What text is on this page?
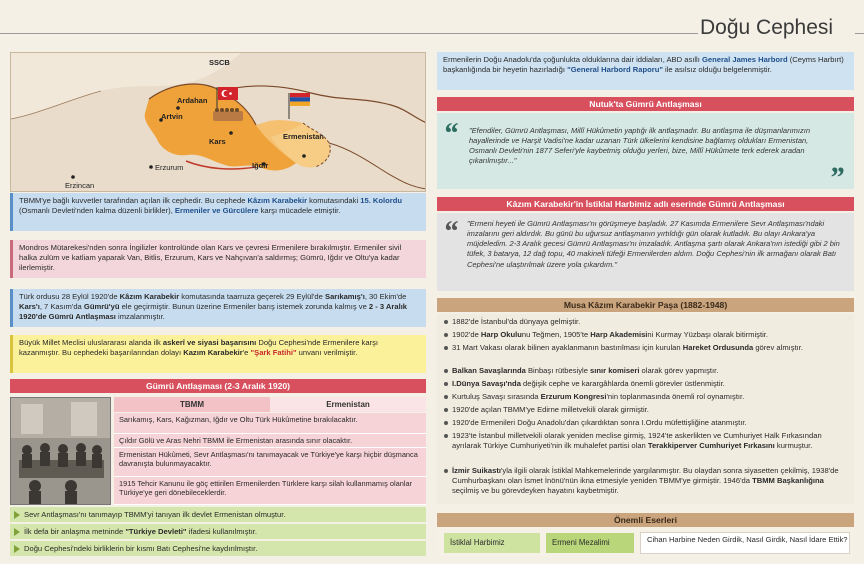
Doğu Cephesi
SSCB
Ardahan
Artvin
Kars
Ermenistan
Iğdır
Erzurum
Erzincan
TBMM'ye bağlı kuvvetler tarafından açılan ilk cephedir. Bu cephede Kâzım Karabekir komutasındaki 15. Kolordu (Osmanlı Devleti'nden kalma düzenli birlikler), Ermeniler ve Gürcülere karşı mücadele etmiştir.
Mondros Mütarekesi'nden sonra İngilizler kontrolünde olan Kars ve çevresi Ermenilere bırakılmıştır. Ermeniler sivil halka zulüm ve katliam yaparak Van, Bitlis, Erzurum, Kars ve Nahçıvan'a saldırmış; Gümrü, Iğdır ve Oltu'ya kadar ilerlemiştir.
Türk ordusu 28 Eylül 1920'de Kâzım Karabekir komutasında taarruza geçerek 29 Eylül'de Sarıkamış'ı, 30 Ekim'de Kars'ı, 7 Kasım'da Gümrü'yü ele geçirmiştir. Bunun üzerine Ermeniler barış istemek zorunda kalmış ve 2 - 3 Aralık 1920'de Gümrü Antlaşması imzalanmıştır.
Büyük Millet Meclisi uluslararası alanda ilk askerî ve siyasi başarısını Doğu Cephesi'nde Ermenilere karşı kazanmıştır. Bu cephedeki başarılarından dolayı Kazım Karabekir'e "Şark Fatihi" unvanı verilmiştir.
Gümrü Antlaşması (2-3 Aralık 1920)
TBMM	Ermenistan
Sarıkamış, Kars, Kağızman, Iğdır ve Oltu Türk Hükûmetine bırakılacaktır.
Çıldır Gölü ve Aras Nehri TBMM ile Ermenistan arasında sınır olacaktır.
Ermenistan Hükûmeti, Sevr Antlaşması'nı tanımayacak ve Türkiye'ye karşı hiçbir düşmanca davranışta bulunmayacaktır.
1915 Tehcir Kanunu ile göç ettirilen Ermenilerden Türklere karşı silah kullanmamış olanlar Türkiye'ye geri dönebileceklerdir.
Sevr Antlaşması'nı tanımayıp TBMM'yi tanıyan ilk devlet Ermenistan olmuştur.
İlk defa bir anlaşma metninde "Türkiye Devleti" ifadesi kullanılmıştır.
Doğu Cephesi'ndeki birliklerin bir kısmı Batı Cephesi'ne kaydırılmıştır.
Ermenilerin Doğu Anadolu'da çoğunlukta olduklarına dair iddiaları, ABD asıllı General James Harbord (Ceyms Harbırt) başkanlığında bir heyetin hazırladığı "General Harbord Raporu" ile asılsız olduğu belgelenmiştir.
Nutuk'ta Gümrü Antlaşması
“ "Efendiler, Gümrü Antlaşması, Millî Hükûmetin yaptığı ilk antlaşmadır. Bu antlaşma ile düşmanlarımızın hayallerinde ve Harşit Vadisi'ne kadar uzanan Türk ülkelerini kendisine bağlamış oldukları Ermenistan, Osmanlı Devleti'nin 1877 Seferi'yle kaybetmiş olduğu yerleri, bize, Millî Hükûmete terk ederek aradan çıkarılmıştır..."
”
Kâzım Karabekir'in İstiklal Harbimiz adlı eserinde Gümrü Antlaşması
“ "Ermeni heyeti ile Gümrü Antlaşması'nı görüşmeye başladık. 27 Kasımda Ermenilere Sevr Antlaşması'ndaki imzalarını geri aldırdık. Bu günü bu uğursuz antlaşmanın yırtıldığı gün olarak kutladık. Bu olayı Ankara'ya müjdeledim. 2-3 Aralık gecesi Gümrü Antlaşması'nı imzaladık. Antlaşma şartı olarak Ankara'nın istediği gibi 2 bin tüfek, 3 batarya, 12 dağ topu, 40 makineli tüfeği Ermenilerden aldım. Doğu Cephesi'nin ilk armağanı olarak Batı Cephesi'ne ulaştırılmak üzere yola çıkardım."
Musa Kâzım Karabekir Paşa (1882-1948)
1882'de İstanbul'da dünyaya gelmiştir.
1902'de Harp Okulunu Teğmen, 1905'te Harp Akademisini Kurmay Yüzbaşı olarak bitirmiştir.
31 Mart Vakası olarak bilinen ayaklanmanın bastırılması için kurulan Hareket Ordusunda görev almıştır.
Balkan Savaşlarında Binbaşı rütbesiyle sınır komiseri olarak görev yapmıştır.
I.Dünya Savaşı'nda değişik cephe ve karargâhlarda önemli görevler üstlenmiştir.
Kurtuluş Savaşı sırasında Erzurum Kongresi'nin toplanmasında önemli rol oynamıştır.
1920'de açılan TBMM'ye Edirne milletvekili olarak girmiştir.
1920'de Ermenileri Doğu Anadolu'dan çıkardıktan sonra I.Ordu müfettişliğine atanmıştır.
1923'te İstanbul milletvekili olarak yeniden meclise girmiş, 1924'te askerlikten ve Cumhuriyet Halk Fırkasından ayrılarak Türkiye Cumhuriyeti'nin ilk muhalefet partisi olan Terakkiperver Cumhuriyet Fırkasını kurmuştur.
İzmir Suikastı'yla ilgili olarak İstiklal Mahkemelerinde yargılanmıştır. Bu olaydan sonra siyasetten çekilmiş, 1938'de Cumhurbaşkanı olan İsmet İnönü'nün ikna etmesiyle yeniden TBMM'ye girmiştir. 1946'da TBMM Başkanlığına seçilmiş ve bu görevdeyken hayatını kaybetmiştir.
Önemli Eserleri
İstiklal Harbimiz	Ermeni Mezalimi	Cihan Harbine Neden Girdik, Nasıl Girdik, Nasıl İdare Ettik?
